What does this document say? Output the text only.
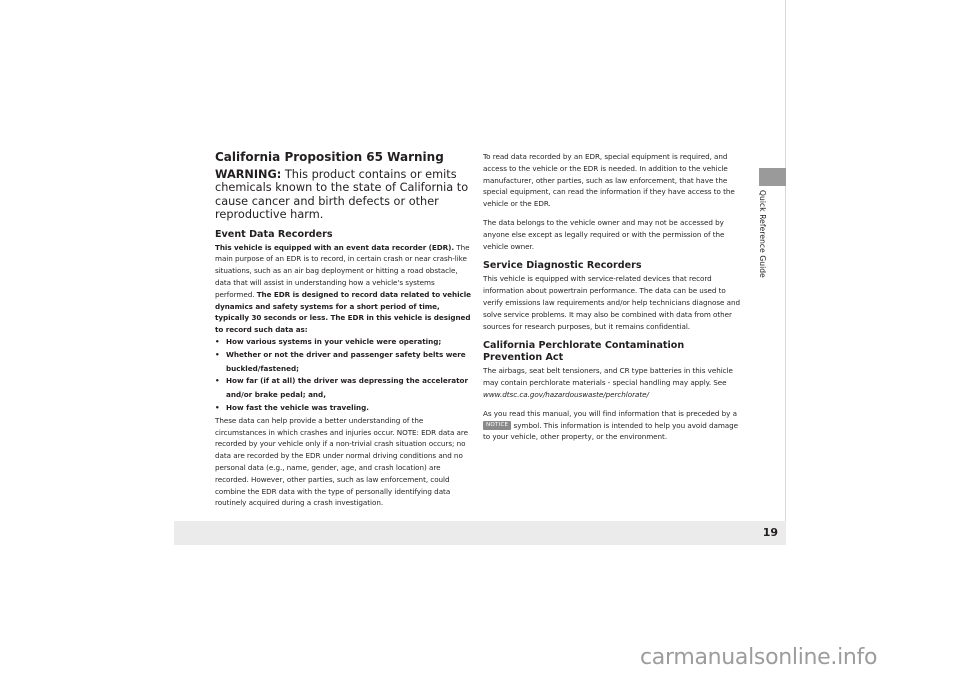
Quick Reference Guide

California Proposition 65 Warning

WARNING: This product contains or emits chemicals known to the state of California to cause cancer and birth defects or other reproductive harm.

Event Data Recorders

This vehicle is equipped with an event data recorder (EDR). The main purpose of an EDR is to record, in certain crash or near crash-like situations, such as an air bag deployment or hitting a road obstacle, data that will assist in understanding how a vehicle's systems performed. The EDR is designed to record data related to vehicle dynamics and safety systems for a short period of time, typically 30 seconds or less. The EDR in this vehicle is designed to record such data as:

• How various systems in your vehicle were operating;
• Whether or not the driver and passenger safety belts were
buckled/fastened;
• How far (if at all) the driver was depressing the accelerator
and/or brake pedal; and,
• How fast the vehicle was traveling.

These data can help provide a better understanding of the circumstances in which crashes and injuries occur. NOTE: EDR data are recorded by your vehicle only if a non-trivial crash situation occurs; no data are recorded by the EDR under normal driving conditions and no personal data (e.g., name, gender, age, and crash location) are recorded. However, other parties, such as law enforcement, could combine the EDR data with the type of personally identifying data routinely acquired during a crash investigation.

To read data recorded by an EDR, special equipment is required, and access to the vehicle or the EDR is needed. In addition to the vehicle manufacturer, other parties, such as law enforcement, that have the special equipment, can read the information if they have access to the vehicle or the EDR.

The data belongs to the vehicle owner and may not be accessed by anyone else except as legally required or with the permission of the vehicle owner.

Service Diagnostic Recorders

This vehicle is equipped with service-related devices that record information about powertrain performance. The data can be used to verify emissions law requirements and/or help technicians diagnose and solve service problems. It may also be combined with data from other sources for research purposes, but it remains confidential.

California Perchlorate Contamination Prevention Act

The airbags, seat belt tensioners, and CR type batteries in this vehicle may contain perchlorate materials - special handling may apply. See www.dtsc.ca.gov/hazardouswaste/perchlorate/

As you read this manual, you will find information that is preceded by a NOTICE symbol. This information is intended to help you avoid damage to your vehicle, other property, or the environment.

19
carmanualsonline.info
